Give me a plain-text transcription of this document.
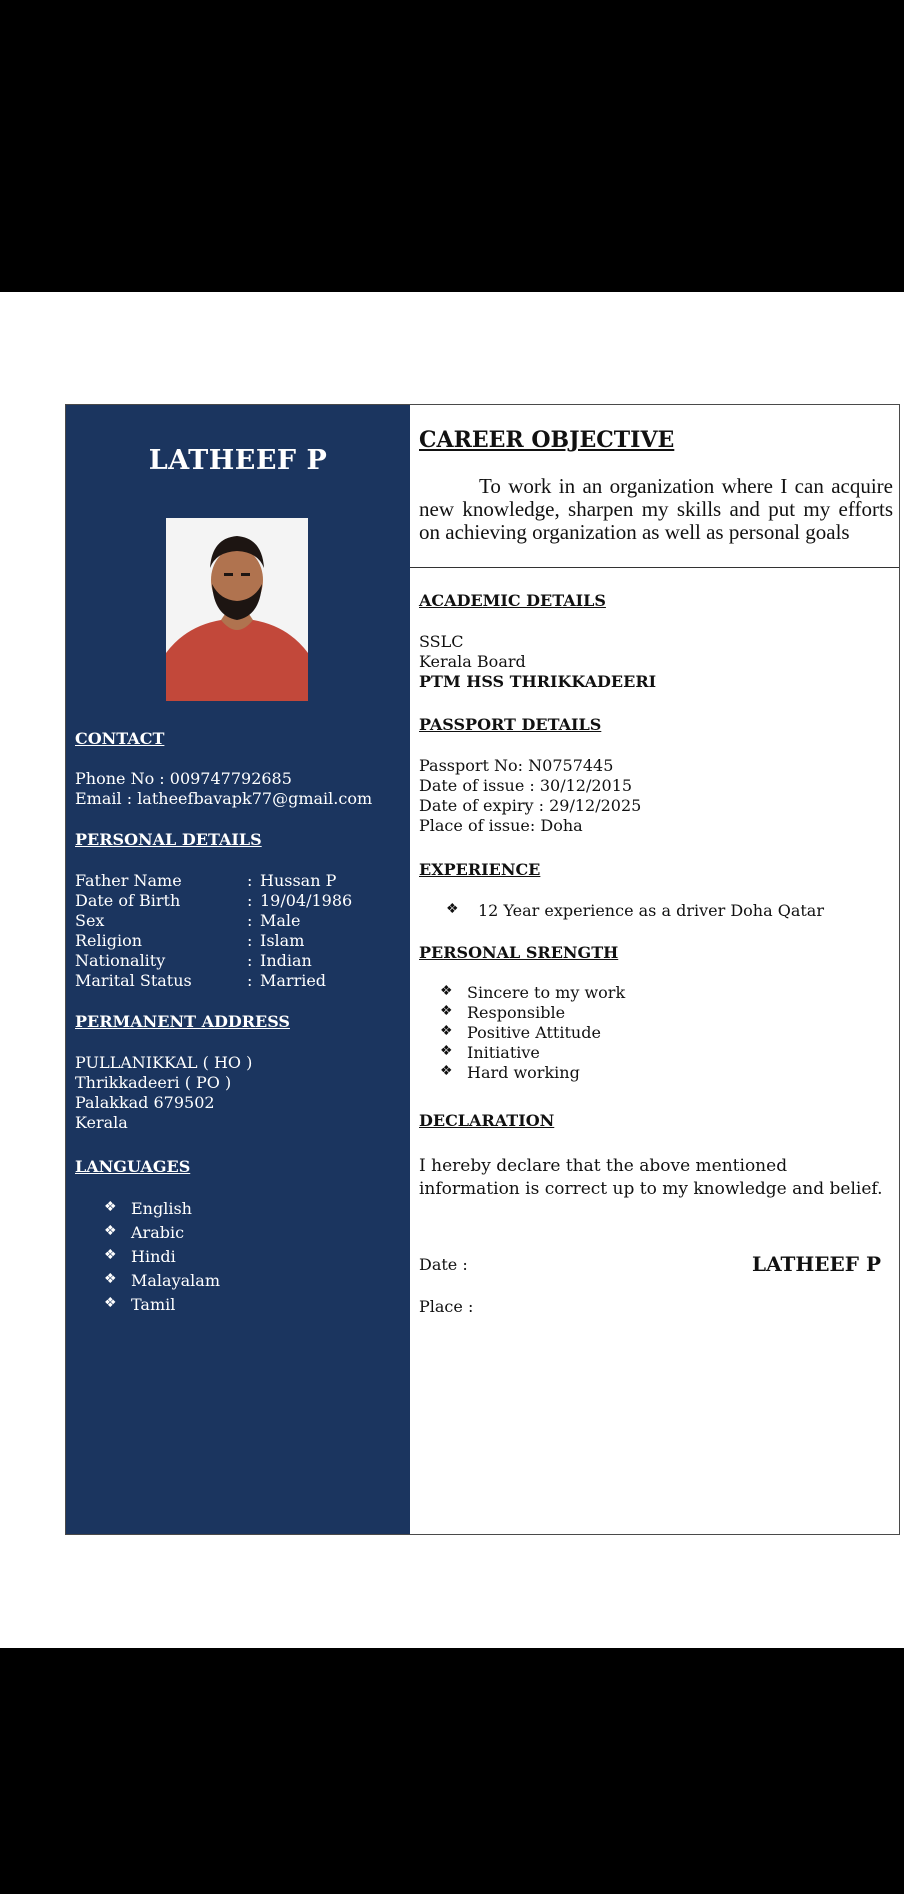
LATHEEF P
CONTACT
Phone No : 009747792685
Email : latheefbavapk77@gmail.com
PERSONAL DETAILS
Father Name	: Hussan P
Date of Birth	: 19/04/1986
Sex	: Male
Religion	: Islam
Nationality	: Indian
Marital Status	: Married
PERMANENT ADDRESS
PULLANIKKAL ( HO )
Thrikkadeeri ( PO )
Palakkad 679502
Kerala
LANGUAGES
❖ English
❖ Arabic
❖ Hindi
❖ Malayalam
❖ Tamil
CAREER OBJECTIVE
To work in an organization where I can acquire new knowledge, sharpen my skills and put my efforts on achieving organization as well as personal goals
ACADEMIC DETAILS
SSLC
Kerala Board
PTM HSS THRIKKADEERI
PASSPORT DETAILS
Passport No: N0757445
Date of issue : 30/12/2015
Date of expiry : 29/12/2025
Place of issue: Doha
EXPERIENCE
❖ 12 Year experience as a driver Doha Qatar
PERSONAL SRENGTH
❖ Sincere to my work
❖ Responsible
❖ Positive Attitude
❖ Initiative
❖ Hard working
DECLARATION
I hereby declare that the above mentioned information is correct up to my knowledge and belief.
Date :	LATHEEF P
Place :
